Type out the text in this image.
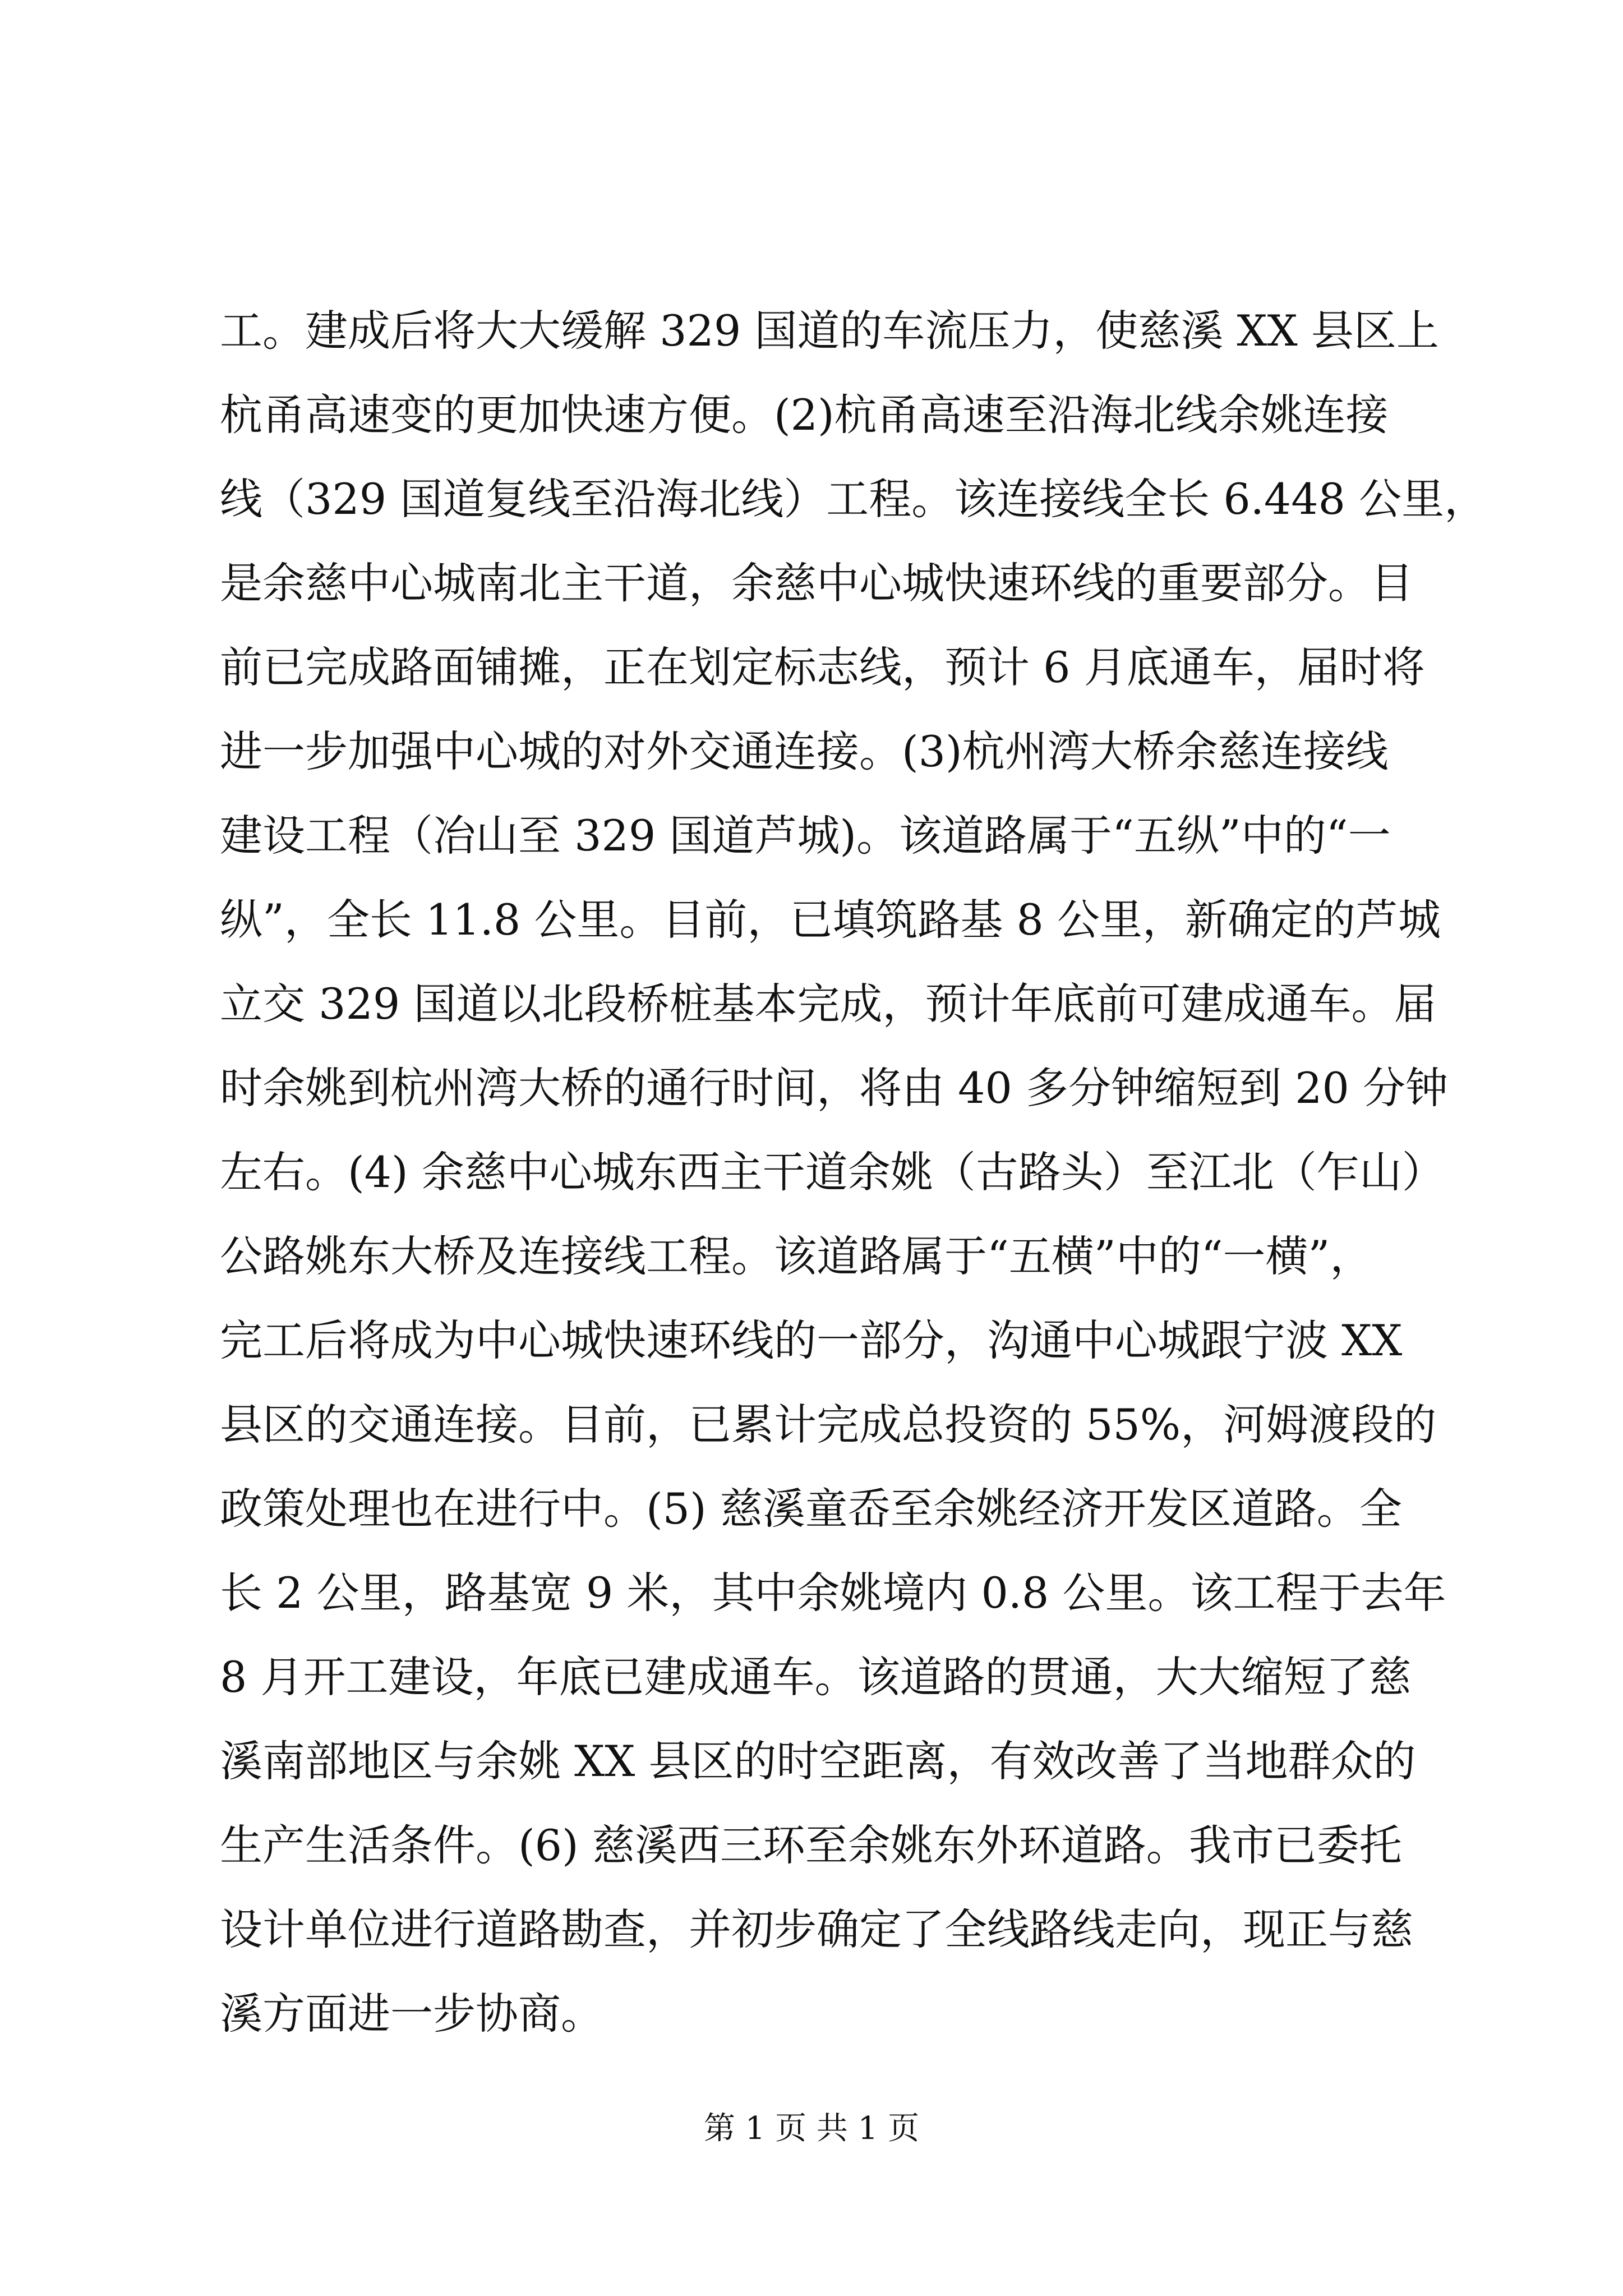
工。建成后将大大缓解 329 国道的车流压力，使慈溪 XX 县区上
杭甬高速变的更加快速方便。(2)杭甬高速至沿海北线余姚连接
线（329 国道复线至沿海北线）工程。该连接线全长 6.448 公里，
是余慈中心城南北主干道，余慈中心城快速环线的重要部分。目
前已完成路面铺摊，正在划定标志线，预计 6 月底通车，届时将
进一步加强中心城的对外交通连接。(3)杭州湾大桥余慈连接线
建设工程（冶山至 329 国道芦城)。该道路属于“五纵”中的“一
纵”，全长 11.8 公里。目前，已填筑路基 8 公里，新确定的芦城
立交 329 国道以北段桥桩基本完成，预计年底前可建成通车。届
时余姚到杭州湾大桥的通行时间，将由 40 多分钟缩短到 20 分钟
左右。(4) 余慈中心城东西主干道余姚（古路头）至江北（乍山）
公路姚东大桥及连接线工程。该道路属于“五横”中的“一横”，
完工后将成为中心城快速环线的一部分，沟通中心城跟宁波 XX
县区的交通连接。目前，已累计完成总投资的 55%，河姆渡段的
政策处理也在进行中。(5) 慈溪童岙至余姚经济开发区道路。全
长 2 公里，路基宽 9 米，其中余姚境内 0.8 公里。该工程于去年
8 月开工建设，年底已建成通车。该道路的贯通，大大缩短了慈
溪南部地区与余姚 XX 县区的时空距离，有效改善了当地群众的
生产生活条件。(6) 慈溪西三环至余姚东外环道路。我市已委托
设计单位进行道路勘查，并初步确定了全线路线走向，现正与慈
溪方面进一步协商。
第 1 页 共 1 页
